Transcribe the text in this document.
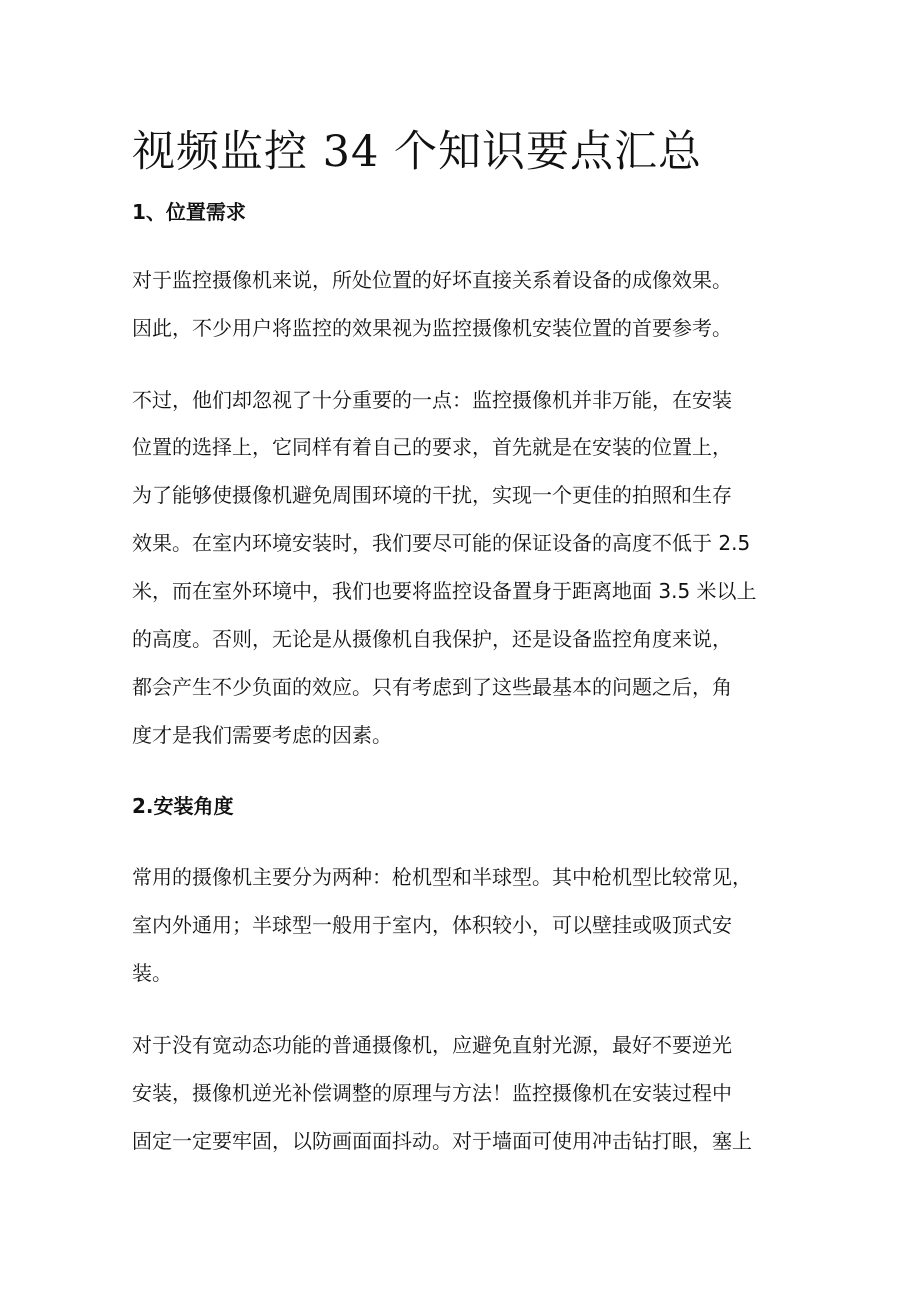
视频监控 34 个知识要点汇总
1、位置需求

对于监控摄像机来说，所处位置的好坏直接关系着设备的成像效果。

因此，不少用户将监控的效果视为监控摄像机安装位置的首要参考。

不过，他们却忽视了十分重要的一点：监控摄像机并非万能，在安装

位置的选择上，它同样有着自己的要求，首先就是在安装的位置上，

为了能够使摄像机避免周围环境的干扰，实现一个更佳的拍照和生存

效果。在室内环境安装时，我们要尽可能的保证设备的高度不低于 2.5

米，而在室外环境中，我们也要将监控设备置身于距离地面 3.5 米以上

的高度。否则，无论是从摄像机自我保护，还是设备监控角度来说，

都会产生不少负面的效应。只有考虑到了这些最基本的问题之后，角

度才是我们需要考虑的因素。

2.安装角度

常用的摄像机主要分为两种：枪机型和半球型。其中枪机型比较常见，

室内外通用；半球型一般用于室内，体积较小，可以壁挂或吸顶式安

装。

对于没有宽动态功能的普通摄像机，应避免直射光源，最好不要逆光

安装，摄像机逆光补偿调整的原理与方法！监控摄像机在安装过程中

固定一定要牢固，以防画面面抖动。对于墙面可使用冲击钻打眼，塞上
